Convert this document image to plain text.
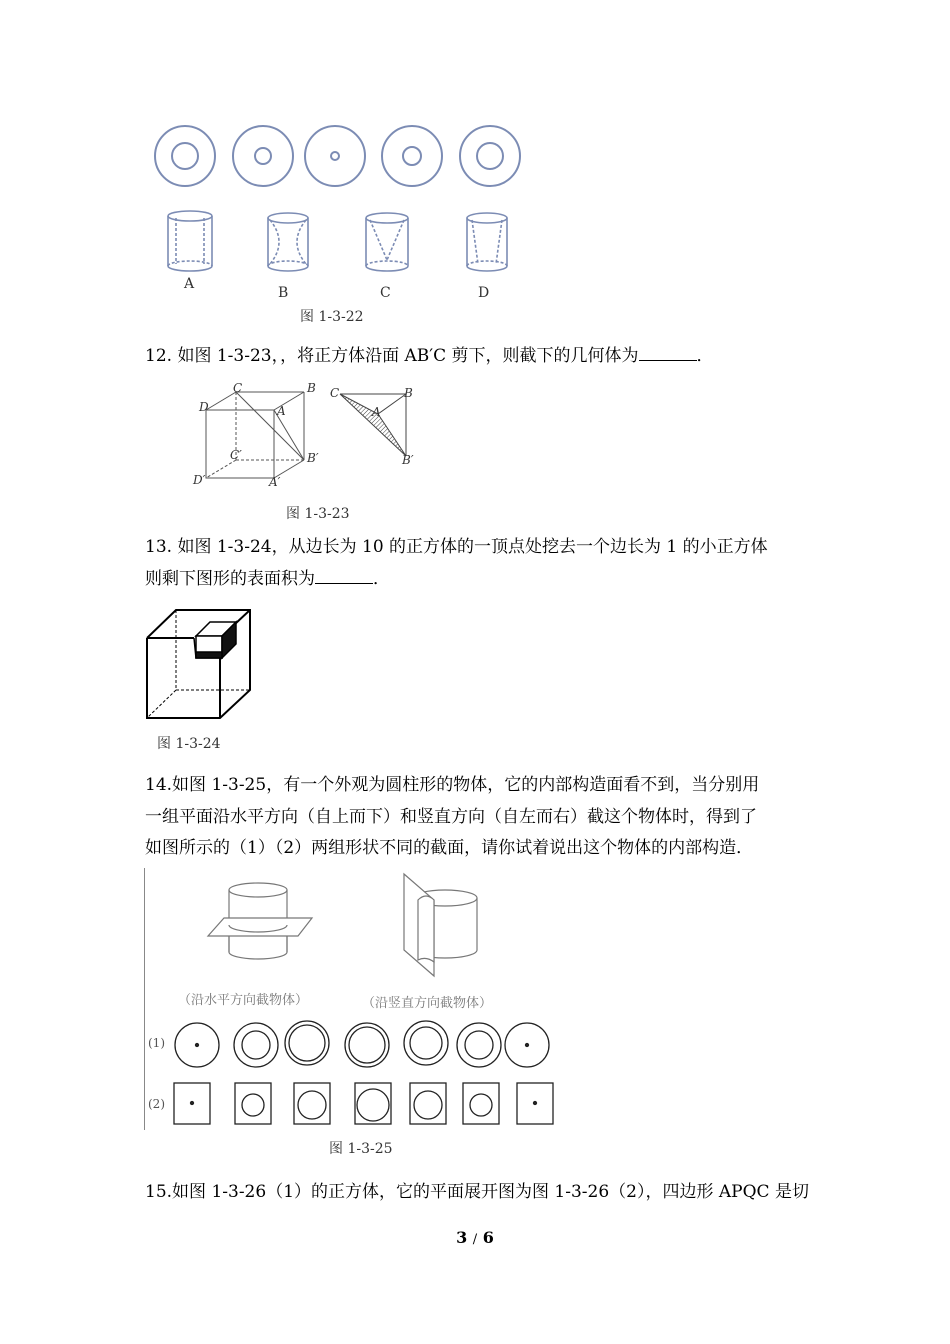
A
B	C	D
图 1-3-22
12. 如图 1-3-23，，将正方体沿面 AB′C 剪下，则截下的几何体为	．
C	B
D	A
C′	B′
D′	A′
C	B
A
B′
图 1-3-23
13. 如图 1-3-24，从边长为 10 的正方体的一顶点处挖去一个边长为 1 的小正方体
则剩下图形的表面积为	．
图 1-3-24
14.如图 1-3-25，有一个外观为圆柱形的物体，它的内部构造面看不到，当分别用
一组平面沿水平方向（自上而下）和竖直方向（自左而右）截这个物体时，得到了
如图所示的（1）（2）两组形状不同的截面，请你试着说出这个物体的内部构造．
（沿水平方向截物体）	（沿竖直方向截物体）
(1)
(2)
图 1-3-25
15.如图 1-3-26（1）的正方体，它的平面展开图为图 1-3-26（2），四边形 APQC 是切
3 / 6
